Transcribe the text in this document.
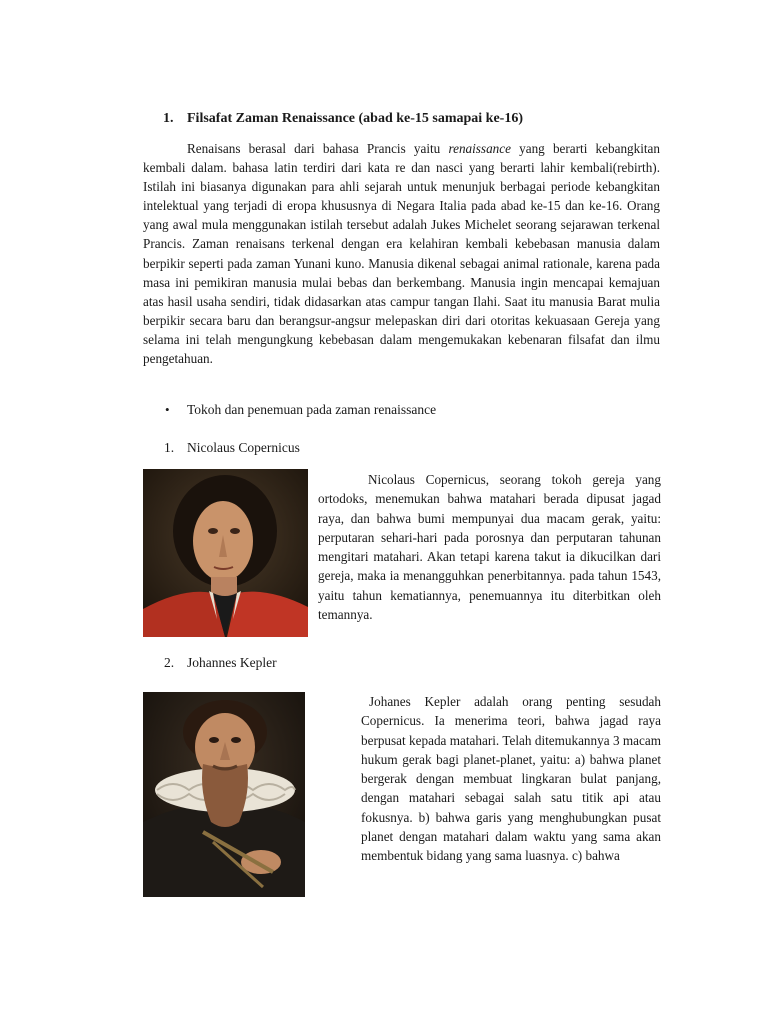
1. Filsafat Zaman Renaissance (abad ke-15 samapai ke-16)

Renaisans berasal dari bahasa Prancis yaitu renaissance yang berarti kebangkitan kembali dalam. bahasa latin terdiri dari kata re dan nasci yang berarti lahir kembali(rebirth). Istilah ini biasanya digunakan para ahli sejarah untuk menunjuk berbagai periode kebangkitan intelektual yang terjadi di eropa khususnya di Negara Italia pada abad ke-15 dan ke-16. Orang yang awal mula menggunakan istilah tersebut adalah Jukes Michelet seorang sejarawan terkenal Prancis. Zaman renaisans terkenal dengan era kelahiran kembali kebebasan manusia dalam berpikir seperti pada zaman Yunani kuno. Manusia dikenal sebagai animal rationale, karena pada masa ini pemikiran manusia mulai bebas dan berkembang. Manusia ingin mencapai kemajuan atas hasil usaha sendiri, tidak didasarkan atas campur tangan Ilahi. Saat itu manusia Barat mulia berpikir secara baru dan berangsur-angsur melepaskan diri dari otoritas kekuasaan Gereja yang selama ini telah mengungkung kebebasan dalam mengemukakan kebenaran filsafat dan ilmu pengetahuan.

• Tokoh dan penemuan pada zaman renaissance
1. Nicolaus Copernicus

Nicolaus Copernicus, seorang tokoh gereja yang ortodoks, menemukan bahwa matahari berada dipusat jagad raya, dan bahwa bumi mempunyai dua macam gerak, yaitu: perputaran sehari-hari pada porosnya dan perputaran tahunan mengitari matahari. Akan tetapi karena takut ia dikucilkan dari gereja, maka ia menangguhkan penerbitannya. pada tahun 1543, yaitu tahun kematiannya, penemuannya itu diterbitkan oleh temannya.

2. Johannes Kepler

Johanes Kepler adalah orang penting sesudah Copernicus. Ia menerima teori, bahwa jagad raya berpusat kepada matahari. Telah ditemukannya 3 macam hukum gerak bagi planet-planet, yaitu: a) bahwa planet bergerak dengan membuat lingkaran bulat panjang, dengan matahari sebagai salah satu titik api atau fokusnya. b) bahwa garis yang menghubungkan pusat planet dengan matahari dalam waktu yang sama akan membentuk bidang yang sama luasnya. c) bahwa
